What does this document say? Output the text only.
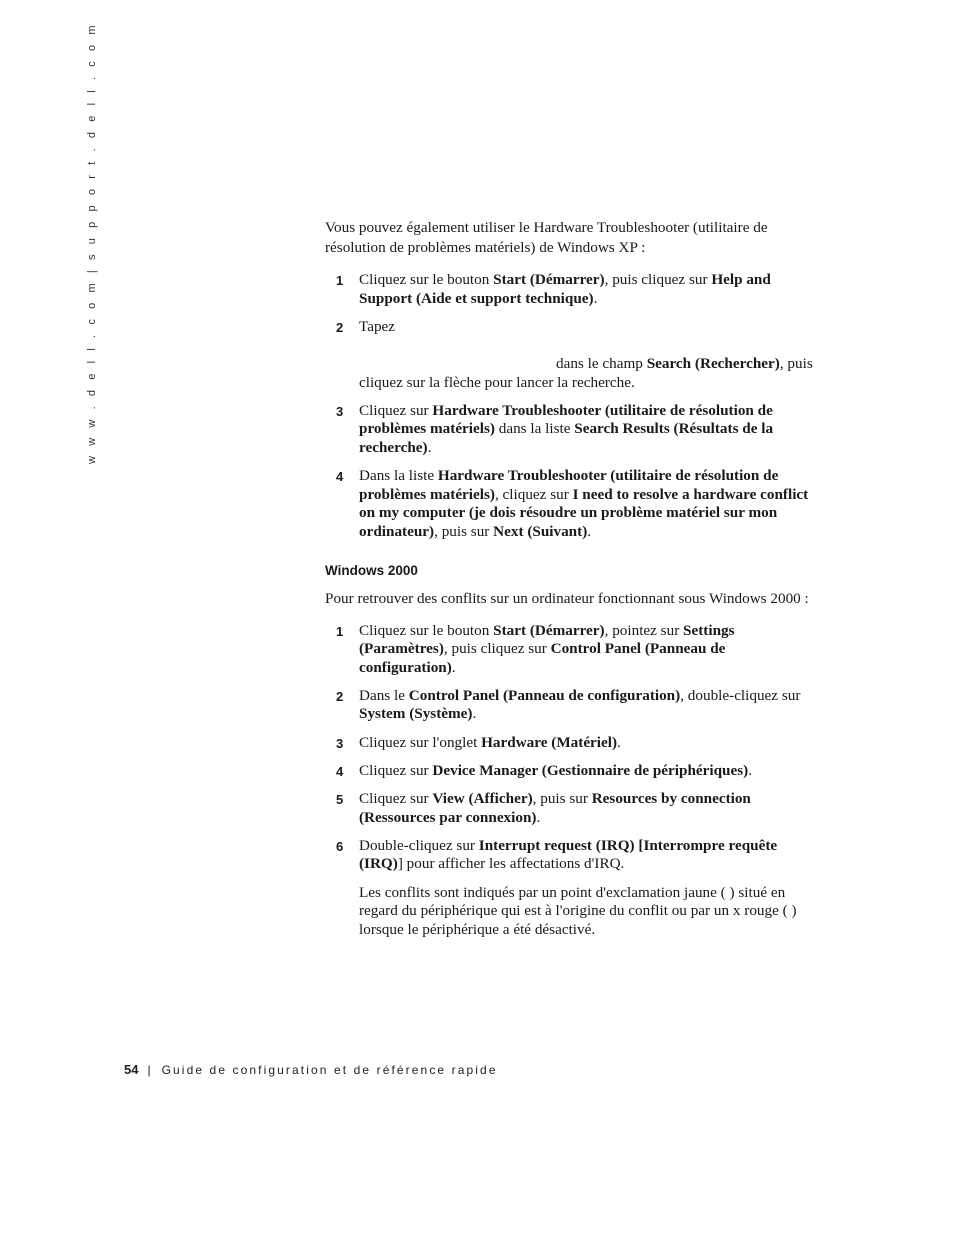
w w w . d e l l . c o m | s u p p o r t . d e l l . c o m	Vous pouvez également utiliser le Hardware Troubleshooter (utilitaire de résolution de problèmes matériels) de Windows XP :

1 Cliquez sur le bouton Start (Démarrer), puis cliquez sur Help and Support (Aide et support technique).
2 Tapez
dans le champ Search (Rechercher), puis cliquez sur la flèche pour lancer la recherche.
3 Cliquez sur Hardware Troubleshooter (utilitaire de résolution de problèmes matériels) dans la liste Search Results (Résultats de la recherche).
4 Dans la liste Hardware Troubleshooter (utilitaire de résolution de problèmes matériels), cliquez sur I need to resolve a hardware conflict on my computer (je dois résoudre un problème matériel sur mon ordinateur), puis sur Next (Suivant).

Windows 2000

Pour retrouver des conflits sur un ordinateur fonctionnant sous Windows 2000 :

1 Cliquez sur le bouton Start (Démarrer), pointez sur Settings (Paramètres), puis cliquez sur Control Panel (Panneau de configuration).
2 Dans le Control Panel (Panneau de configuration), double-cliquez sur System (Système).
3 Cliquez sur l'onglet Hardware (Matériel).
4 Cliquez sur Device Manager (Gestionnaire de périphériques).
5 Cliquez sur View (Afficher), puis sur Resources by connection (Ressources par connexion).
6 Double-cliquez sur Interrupt request (IRQ) [Interrompre requête (IRQ)] pour afficher les affectations d'IRQ.

Les conflits sont indiqués par un point d'exclamation jaune ( ) situé en regard du périphérique qui est à l'origine du conflit ou par un x rouge ( ) lorsque le périphérique a été désactivé.

54 | Guide de configuration et de référence rapide
